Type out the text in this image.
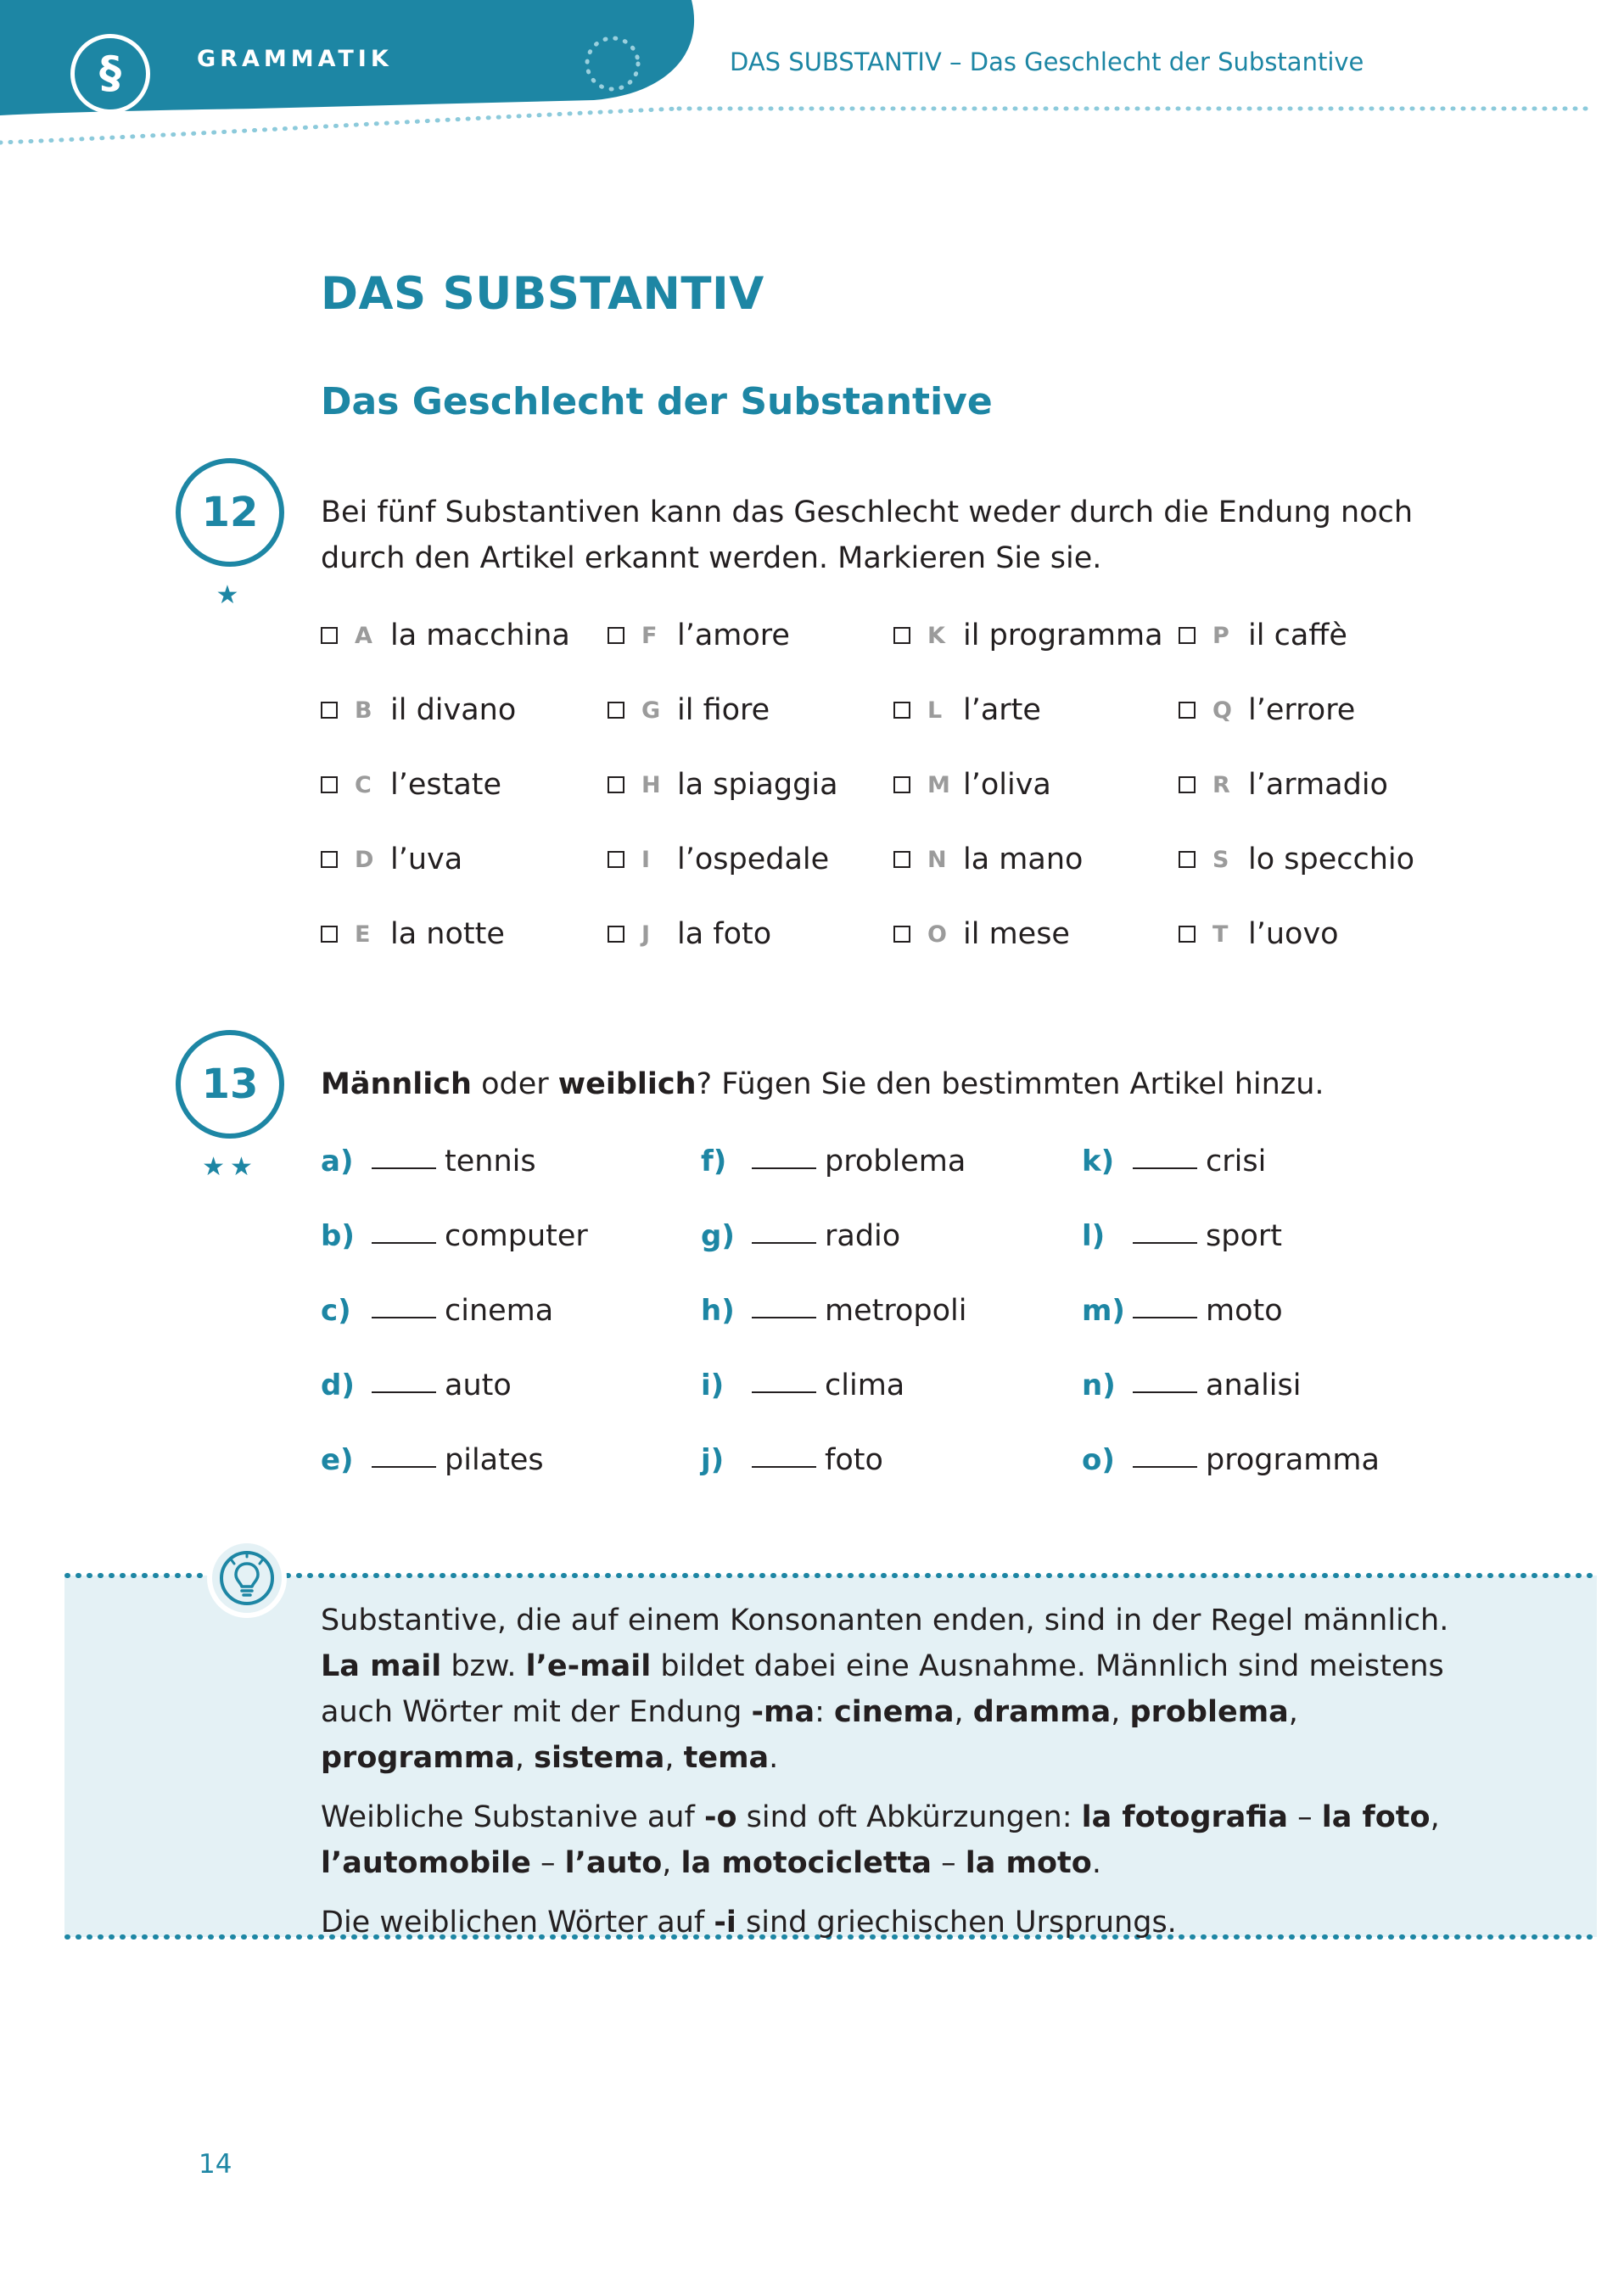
§	GRAMMATIK	DAS SUBSTANTIV – Das Geschlecht der Substantive
DAS SUBSTANTIV
Das Geschlecht der Substantive
12
★
Bei fünf Substantiven kann das Geschlecht weder durch die Endung noch durch den Artikel erkannt werden. Markieren Sie sie.
A la macchina
B il divano
C l’estate
D l’uva
E la notte
F l’amore
G il fiore
H la spiaggia
I l’ospedale
J la foto
K il programma
L l’arte
M l’oliva
N la mano
O il mese
P il caffè
Q l’errore
R l’armadio
S lo specchio
T l’uovo
13
★★
Männlich oder weiblich? Fügen Sie den bestimmten Artikel hinzu.
a)	tennis
b)	computer
c)	cinema
d)	auto
e)	pilates
f)	problema
g)	radio
h)	metropoli
i)	clima
j)	foto
k)	crisi
l)	sport
m)	moto
n)	analisi
o)	programma

Substantive, die auf einem Konsonanten enden, sind in der Regel männlich. La mail bzw. l’e-mail bildet dabei eine Ausnahme. Männlich sind meistens auch Wörter mit der Endung -ma: cinema, dramma, problema, programma, sistema, tema.

Weibliche Substanive auf -o sind oft Abkürzungen: la fotografia – la foto, l’automobile – l’auto, la motocicletta – la moto.

Die weiblichen Wörter auf -i sind griechischen Ursprungs.

14
